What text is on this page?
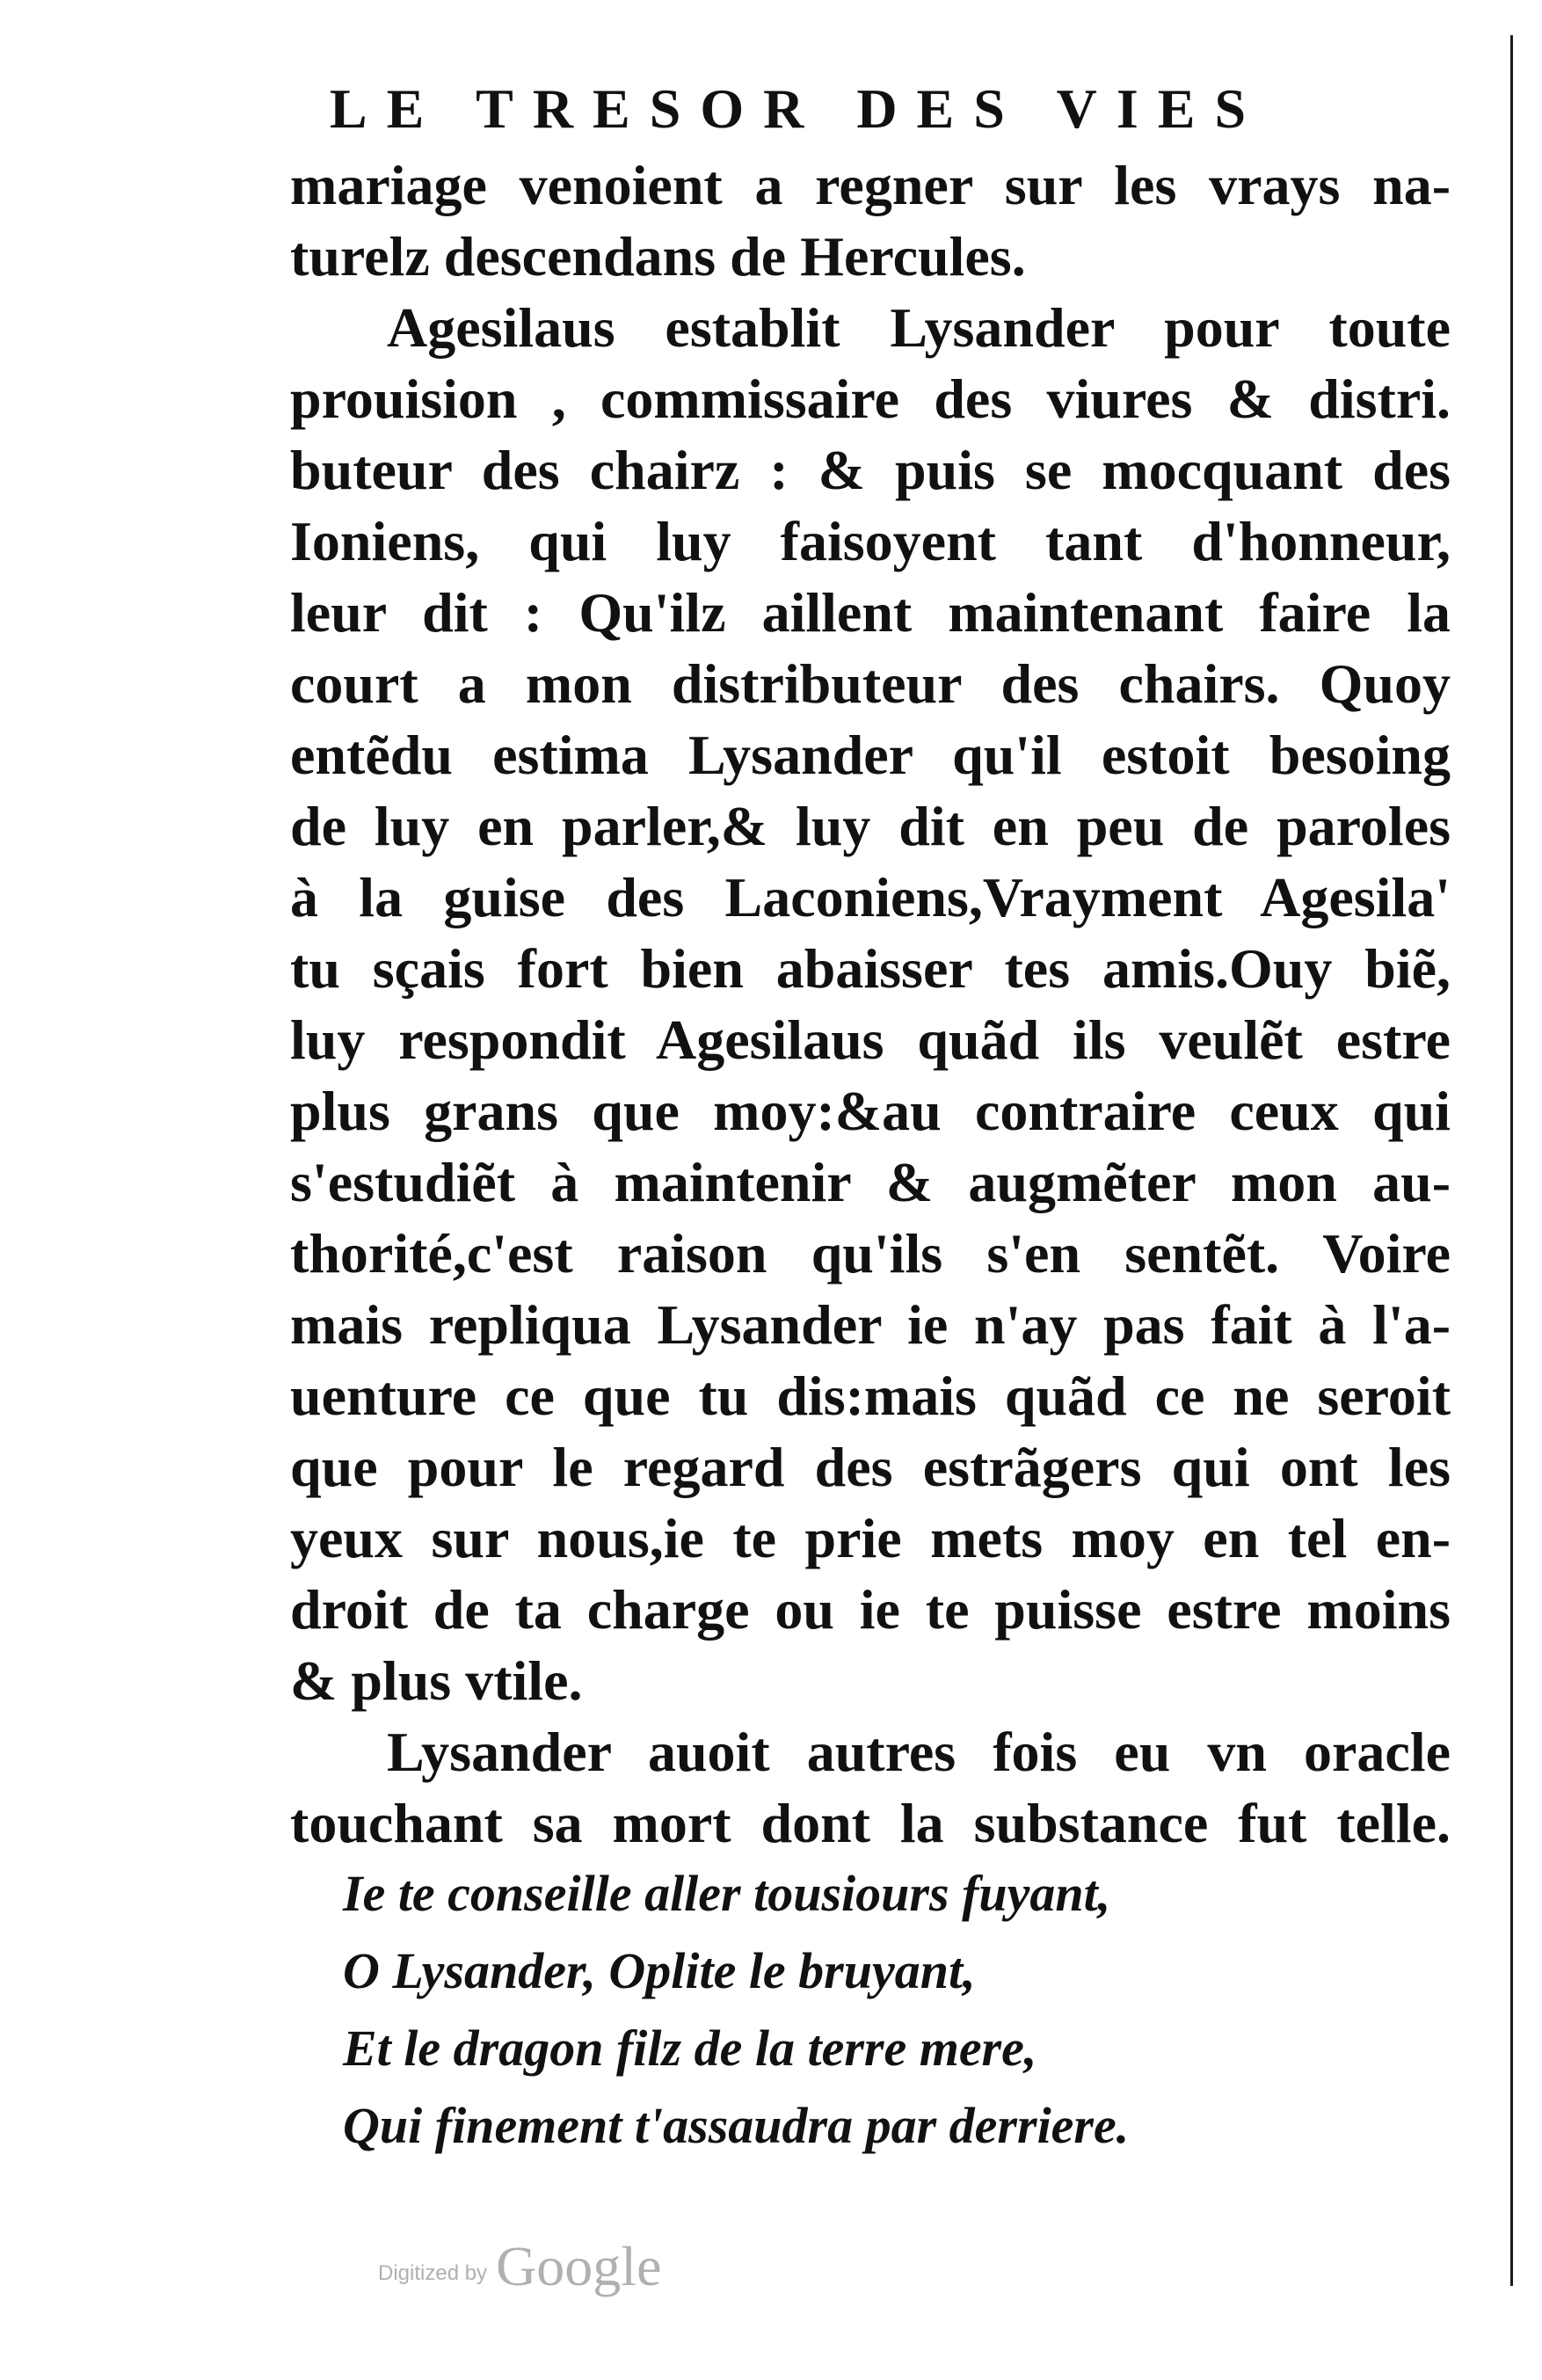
LE TRESOR DES VIES
mariage venoient a regner sur les vrays na-
turelz descendans de Hercules.
Agesilaus establit Lysander pour toute
prouision , commissaire des viures & distri.
buteur des chairz : & puis se mocquant des
Ioniens, qui luy faisoyent tant d'honneur,
leur dit : Qu'ilz aillent maintenant faire la
court a mon distributeur des chairs. Quoy
entẽdu estima Lysander qu'il estoit besoing
de luy en parler,& luy dit en peu de paroles
à la guise des Laconiens,Vrayment Agesila'
tu sçais fort bien abaisser tes amis.Ouy biẽ,
luy respondit Agesilaus quãd ils veulẽt estre
plus grans que moy:&au contraire ceux qui
s'estudiẽt à maintenir & augmẽter mon au-
thorité,c'est raison qu'ils s'en sentẽt. Voire
mais repliqua Lysander ie n'ay pas fait à l'a-
uenture ce que tu dis:mais quãd ce ne seroit
que pour le regard des estrãgers qui ont les
yeux sur nous,ie te prie mets moy en tel en-
droit de ta charge ou ie te puisse estre moins
& plus vtile.
Lysander auoit autres fois eu vn oracle
touchant sa mort dont la substance fut telle.
Ie te conseille aller tousiours fuyant,
O Lysander, Oplite le bruyant,
Et le dragon filz de la terre mere,
Qui finement t'assaudra par derriere.
Digitized by Google
